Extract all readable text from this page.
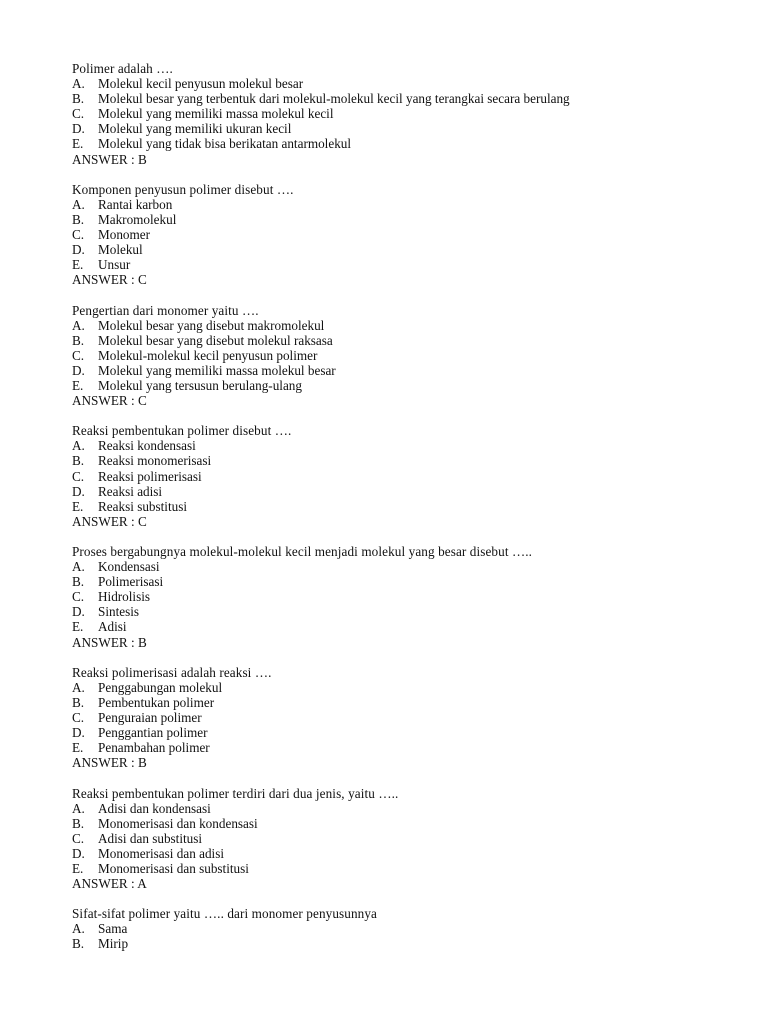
Polimer adalah ….
A. Molekul kecil penyusun molekul besar
B.	Molekul besar yang terbentuk dari molekul-molekul kecil yang terangkai secara berulang
C.	Molekul yang memiliki massa molekul kecil
D. Molekul yang memiliki ukuran kecil
E.	Molekul yang tidak bisa berikatan antarmolekul
ANSWER : B
Komponen penyusun polimer disebut ….
A. Rantai karbon
B.	Makromolekul
C.	Monomer
D. Molekul
E.	Unsur
ANSWER : C
Pengertian dari monomer yaitu ….
A. Molekul besar yang disebut makromolekul
B.	Molekul besar yang disebut molekul raksasa
C.	Molekul-molekul kecil penyusun polimer
D. Molekul yang memiliki massa molekul besar
E.	Molekul yang tersusun berulang-ulang
ANSWER : C
Reaksi pembentukan polimer disebut ….
A. Reaksi kondensasi
B.	Reaksi monomerisasi
C.	Reaksi polimerisasi
D. Reaksi adisi
E.	Reaksi substitusi
ANSWER : C
Proses bergabungnya molekul-molekul kecil menjadi molekul yang besar disebut …..
A. Kondensasi
B.	Polimerisasi
C.	Hidrolisis
D. Sintesis
E.	Adisi
ANSWER : B
Reaksi polimerisasi adalah reaksi ….
A. Penggabungan molekul
B.	Pembentukan polimer
C.	Penguraian polimer
D. Penggantian polimer
E.	Penambahan polimer
ANSWER : B
Reaksi pembentukan polimer terdiri dari dua jenis, yaitu …..
A. Adisi dan kondensasi
B.	Monomerisasi dan kondensasi
C.	Adisi dan substitusi
D. Monomerisasi dan adisi
E.	Monomerisasi dan substitusi
ANSWER : A
Sifat-sifat polimer yaitu ….. dari monomer penyusunnya
A. Sama
B.	Mirip
